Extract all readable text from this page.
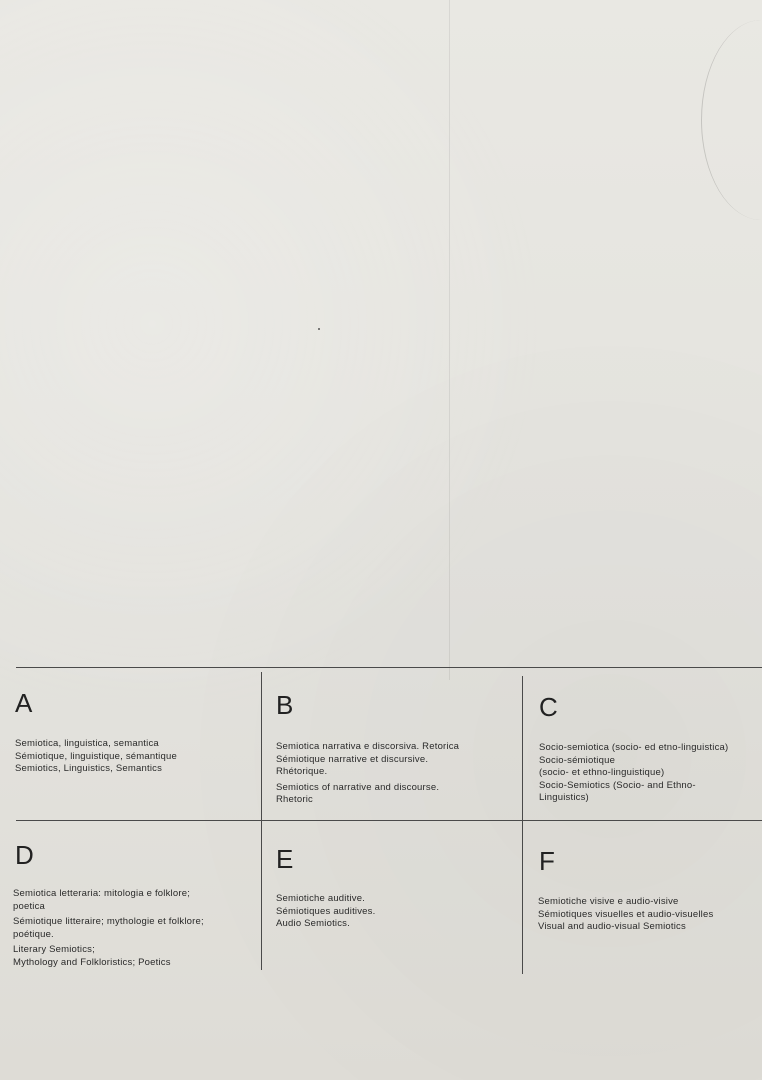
A
Semiotica, linguistica, semantica
Sémiotique, linguistique, sémantique
Semiotics, Linguistics, Semantics
B
Semiotica narrativa e discorsiva. Retorica
Sémiotique narrative et discursive.
Rhétorique.
Semiotics of narrative and discourse.
Rhetoric
C
Socio-semiotica (socio- ed etno-linguistica)
Socio-sémiotique
(socio- et ethno-linguistique)
Socio-Semiotics (Socio- and Ethno-
Linguistics)
D
Semiotica letteraria: mitologia e folklore;
poetica
Sémiotique litteraire; mythologie et folklore;
poétique.
Literary Semiotics;
Mythology and Folkloristics; Poetics
E
Semiotiche auditive.
Sémiotiques auditives.
Audio Semiotics.
F
Semiotiche visive e audio-visive
Sémiotiques visuelles et audio-visuelles
Visual and audio-visual Semiotics
